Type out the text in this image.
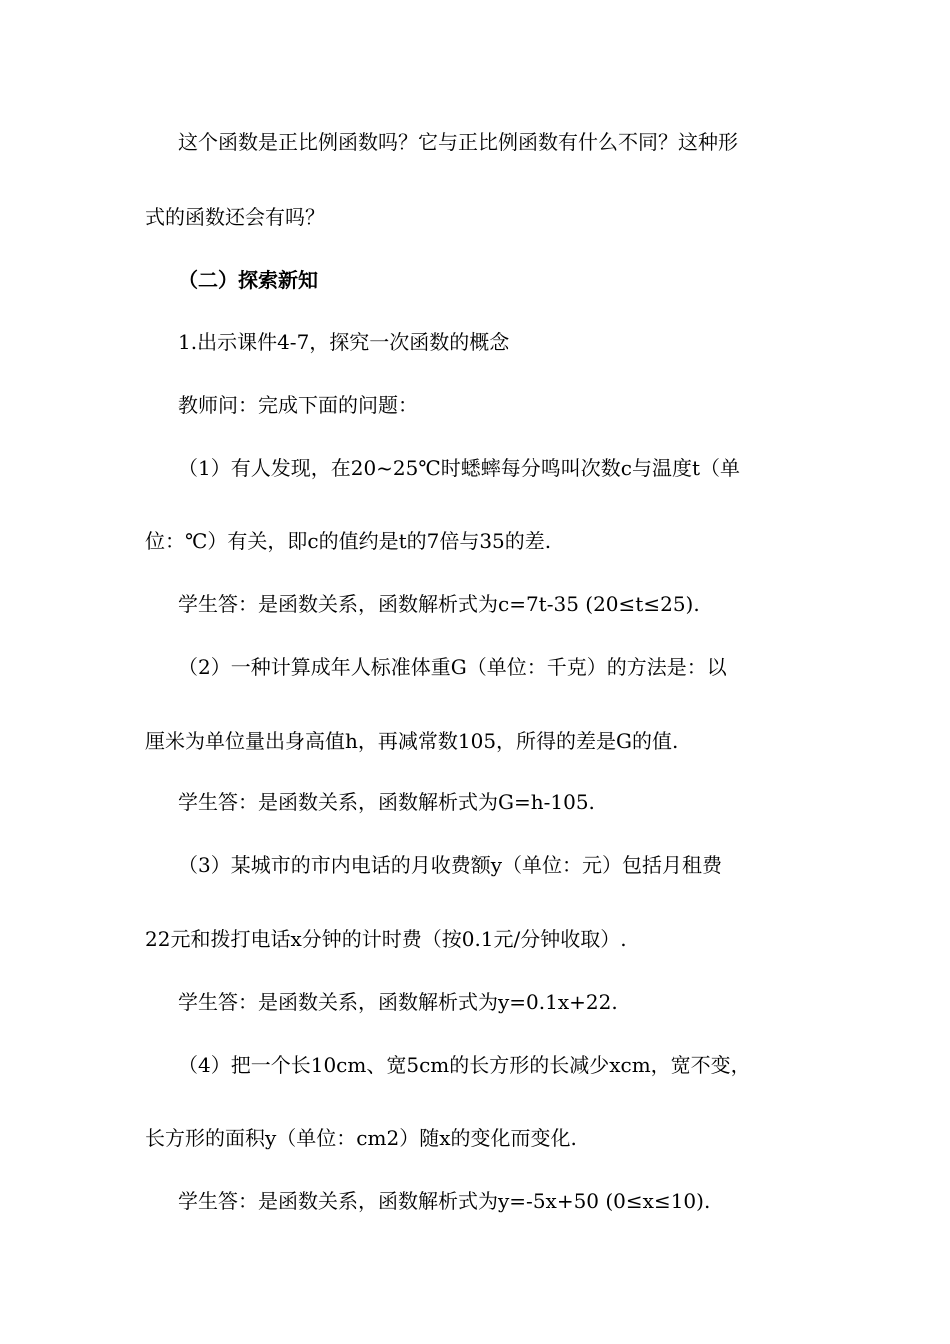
这个函数是正比例函数吗？它与正比例函数有什么不同？这种形
式的函数还会有吗？
（二）探索新知
1.出示课件4-7，探究一次函数的概念
教师问：完成下面的问题：
（1）有人发现，在20~25℃时蟋蟀每分鸣叫次数c与温度t（单
位：℃）有关，即c的值约是t的7倍与35的差.
学生答：是函数关系，函数解析式为c=7t-35 (20≤t≤25).
（2）一种计算成年人标准体重G（单位：千克）的方法是：以
厘米为单位量出身高值h，再减常数105，所得的差是G的值.
学生答：是函数关系，函数解析式为G=h-105.
（3）某城市的市内电话的月收费额y（单位：元）包括月租费
22元和拨打电话x分钟的计时费（按0.1元/分钟收取）.
学生答：是函数关系，函数解析式为y=0.1x+22.
（4）把一个长10cm、宽5cm的长方形的长减少xcm，宽不变，
长方形的面积y（单位：cm2）随x的变化而变化.
学生答：是函数关系，函数解析式为y=-5x+50 (0≤x≤10).
